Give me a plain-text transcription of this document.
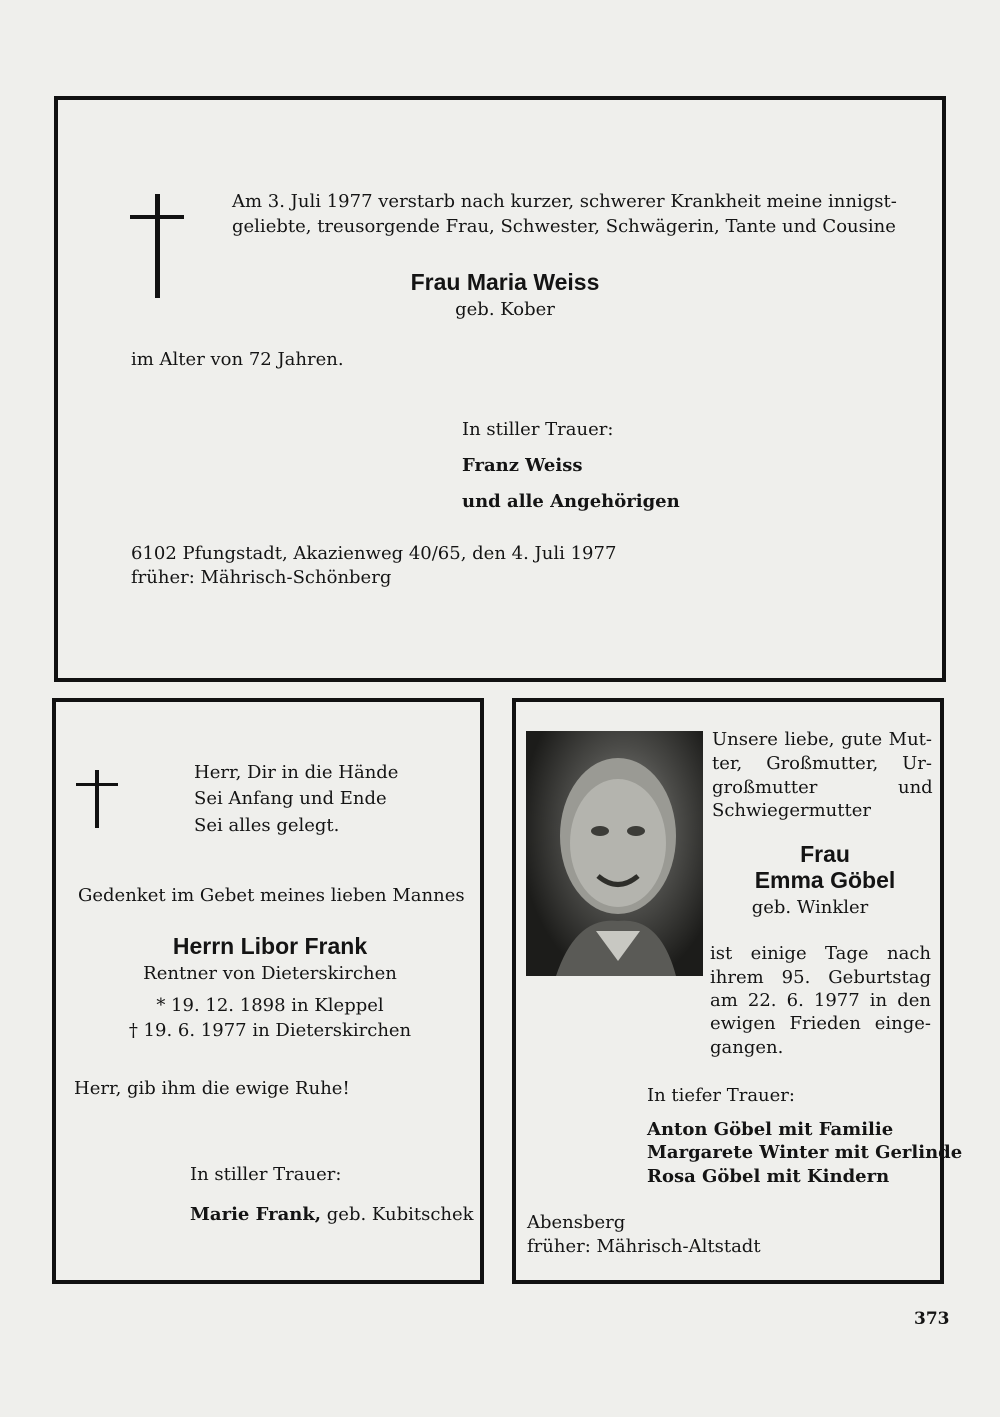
Am 3. Juli 1977 verstarb nach kurzer, schwerer Krankheit meine innigst-

geliebte, treusorgende Frau, Schwester, Schwägerin, Tante und Cousine

Frau Maria Weiss

geb. Kober

im Alter von 72 Jahren.

In stiller Trauer:

Franz Weiss

und alle Angehörigen

6102 Pfungstadt, Akazienweg 40/65, den 4. Juli 1977

früher: Mährisch-Schönberg

Herr, Dir in die Hände

Sei Anfang und Ende

Sei alles gelegt.

Gedenket im Gebet meines lieben Mannes

Herrn Libor Frank

Rentner von Dieterskirchen

* 19. 12. 1898 in Kleppel

† 19. 6. 1977 in Dieterskirchen

Herr, gib ihm die ewige Ruhe!

In stiller Trauer:

Marie Frank, geb. Kubitschek

Unsere liebe, gute Mut-

ter, Großmutter, Ur-

großmutter	und

Schwiegermutter

Frau

Emma Göbel

geb. Winkler

ist einige Tage nach

ihrem 95. Geburtstag

am 22. 6. 1977 in den

ewigen Frieden einge-

gangen.

In tiefer Trauer:

Anton Göbel mit Familie

Margarete Winter mit Gerlinde

Rosa Göbel mit Kindern

Abensberg

früher: Mährisch-Altstadt

373
